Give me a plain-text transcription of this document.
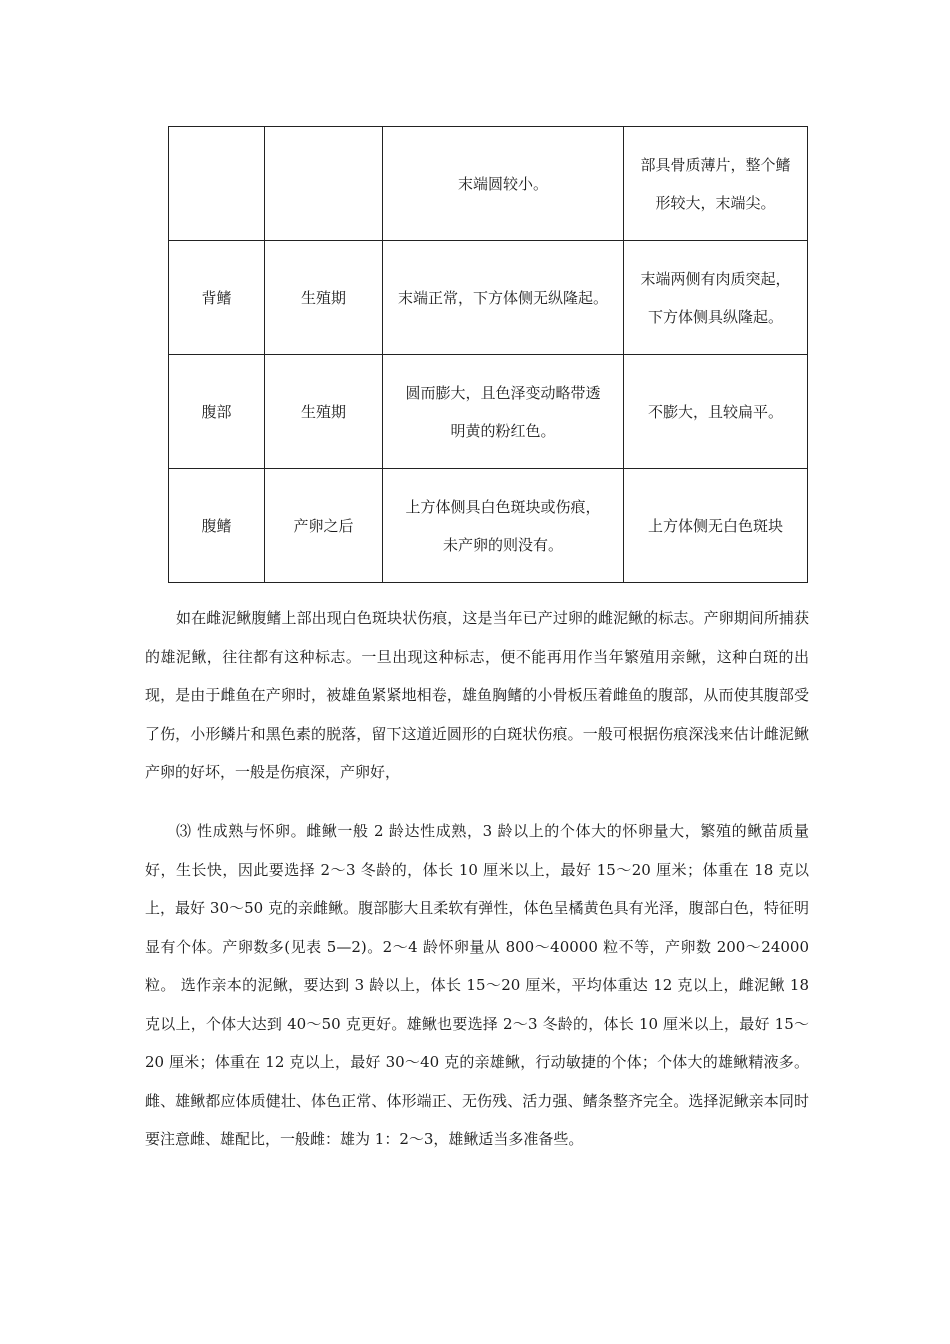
		末端圆较小。	部具骨质薄片，整个鳍
形较大，末端尖。

背鳍	生殖期	末端正常，下方体侧无纵隆起。	末端两侧有肉质突起，
下方体侧具纵隆起。

腹部	生殖期	圆而膨大，且色泽变动略带透
明黄的粉红色。	不膨大，且较扁平。

腹鳍	产卵之后	上方体侧具白色斑块或伤痕，
未产卵的则没有。	上方体侧无白色斑块

如在雌泥鳅腹鳍上部出现白色斑块状伤痕，这是当年已产过卵的雌泥鳅的标志。产卵期间所捕获的雄泥鳅，往往都有这种标志。一旦出现这种标志，便不能再用作当年繁殖用亲鳅，这种白斑的出现，是由于雌鱼在产卵时，被雄鱼紧紧地相卷，雄鱼胸鳍的小骨板压着雌鱼的腹部，从而使其腹部受了伤，小形鳞片和黑色素的脱落，留下这道近圆形的白斑状伤痕。一般可根据伤痕深浅来估计雌泥鳅产卵的好坏，一般是伤痕深，产卵好，

⑶ 性成熟与怀卵。雌鳅一般 2 龄达性成熟，3 龄以上的个体大的怀卵量大，繁殖的鳅苗质量好，生长快，因此要选择 2～3 冬龄的，体长 10 厘米以上，最好 15～20 厘米；体重在 18 克以上，最好 30～50 克的亲雌鳅。腹部膨大且柔软有弹性，体色呈橘黄色具有光泽，腹部白色，特征明显有个体。产卵数多(见表 5—2)。2～4 龄怀卵量从 800～40000 粒不等，产卵数 200～24000 粒。 选作亲本的泥鳅，要达到 3 龄以上，体长 15～20 厘米，平均体重达 12 克以上，雌泥鳅 18 克以上，个体大达到 40～50 克更好。雄鳅也要选择 2～3 冬龄的，体长 10 厘米以上，最好 15～20 厘米；体重在 12 克以上，最好 30～40 克的亲雄鳅，行动敏捷的个体；个体大的雄鳅精液多。雌、雄鳅都应体质健壮、体色正常、体形端正、无伤残、活力强、鳍条整齐完全。选择泥鳅亲本同时要注意雌、雄配比，一般雌：雄为 1：2～3，雄鳅适当多准备些。
